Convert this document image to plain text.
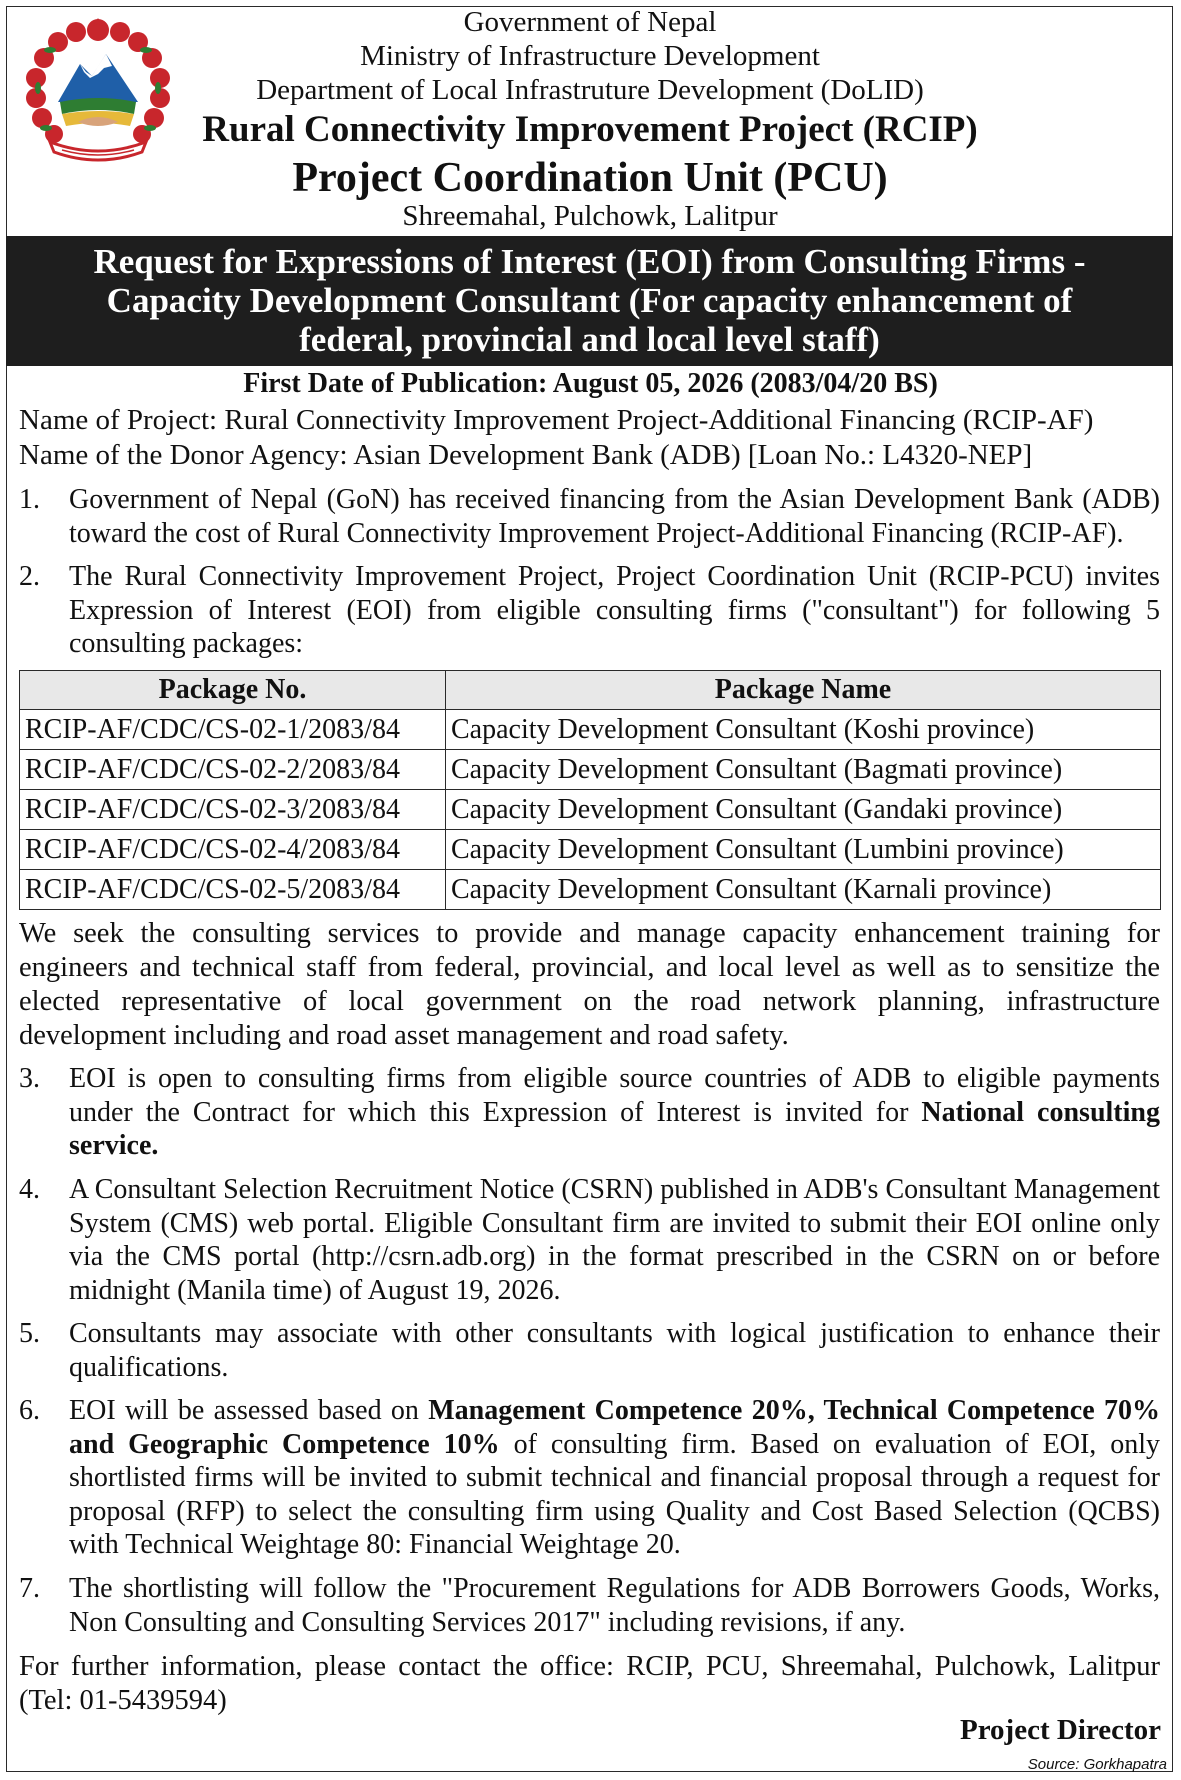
Government of Nepal
Ministry of Infrastructure Development
Department of Local Infrastruture Development (DoLID)
Rural Connectivity Improvement Project (RCIP)
Project Coordination Unit (PCU)
Shreemahal, Pulchowk, Lalitpur
Request for Expressions of Interest (EOI) from Consulting Firms -
Capacity Development Consultant (For capacity enhancement of
federal, provincial and local level staff)
First Date of Publication: August 05, 2026 (2083/04/20 BS)
Name of Project: Rural Connectivity Improvement Project-Additional Financing (RCIP-AF)
Name of the Donor Agency: Asian Development Bank (ADB) [Loan No.: L4320-NEP]
1.	Government of Nepal (GoN) has received financing from the Asian Development Bank (ADB) toward the cost of Rural Connectivity Improvement Project-Additional Financing (RCIP-AF).
2.	The Rural Connectivity Improvement Project, Project Coordination Unit (RCIP-PCU) invites Expression of Interest (EOI) from eligible consulting firms ("consultant") for following 5 consulting packages:
Package No.	Package Name
RCIP-AF/CDC/CS-02-1/2083/84	Capacity Development Consultant (Koshi province)
RCIP-AF/CDC/CS-02-2/2083/84	Capacity Development Consultant (Bagmati province)
RCIP-AF/CDC/CS-02-3/2083/84	Capacity Development Consultant (Gandaki province)
RCIP-AF/CDC/CS-02-4/2083/84	Capacity Development Consultant (Lumbini province)
RCIP-AF/CDC/CS-02-5/2083/84	Capacity Development Consultant (Karnali province)
We seek the consulting services to provide and manage capacity enhancement training for engineers and technical staff from federal, provincial, and local level as well as to sensitize the elected representative of local government on the road network planning, infrastructure development including and road asset management and road safety.
3.	EOI is open to consulting firms from eligible source countries of ADB to eligible payments under the Contract for which this Expression of Interest is invited for National consulting service.
4.	A Consultant Selection Recruitment Notice (CSRN) published in ADB's Consultant Management System (CMS) web portal. Eligible Consultant firm are invited to submit their EOI online only via the CMS portal (http://csrn.adb.org) in the format prescribed in the CSRN on or before midnight (Manila time) of August 19, 2026.
5.	Consultants may associate with other consultants with logical justification to enhance their qualifications.
6.	EOI will be assessed based on Management Competence 20%, Technical Competence 70% and Geographic Competence 10% of consulting firm. Based on evaluation of EOI, only shortlisted firms will be invited to submit technical and financial proposal through a request for proposal (RFP) to select the consulting firm using Quality and Cost Based Selection (QCBS) with Technical Weightage 80: Financial Weightage 20.
7.	The shortlisting will follow the "Procurement Regulations for ADB Borrowers Goods, Works, Non Consulting and Consulting Services 2017" including revisions, if any.
For further information, please contact the office: RCIP, PCU, Shreemahal, Pulchowk, Lalitpur (Tel: 01-5439594)
Project Director
Source: Gorkhapatra
